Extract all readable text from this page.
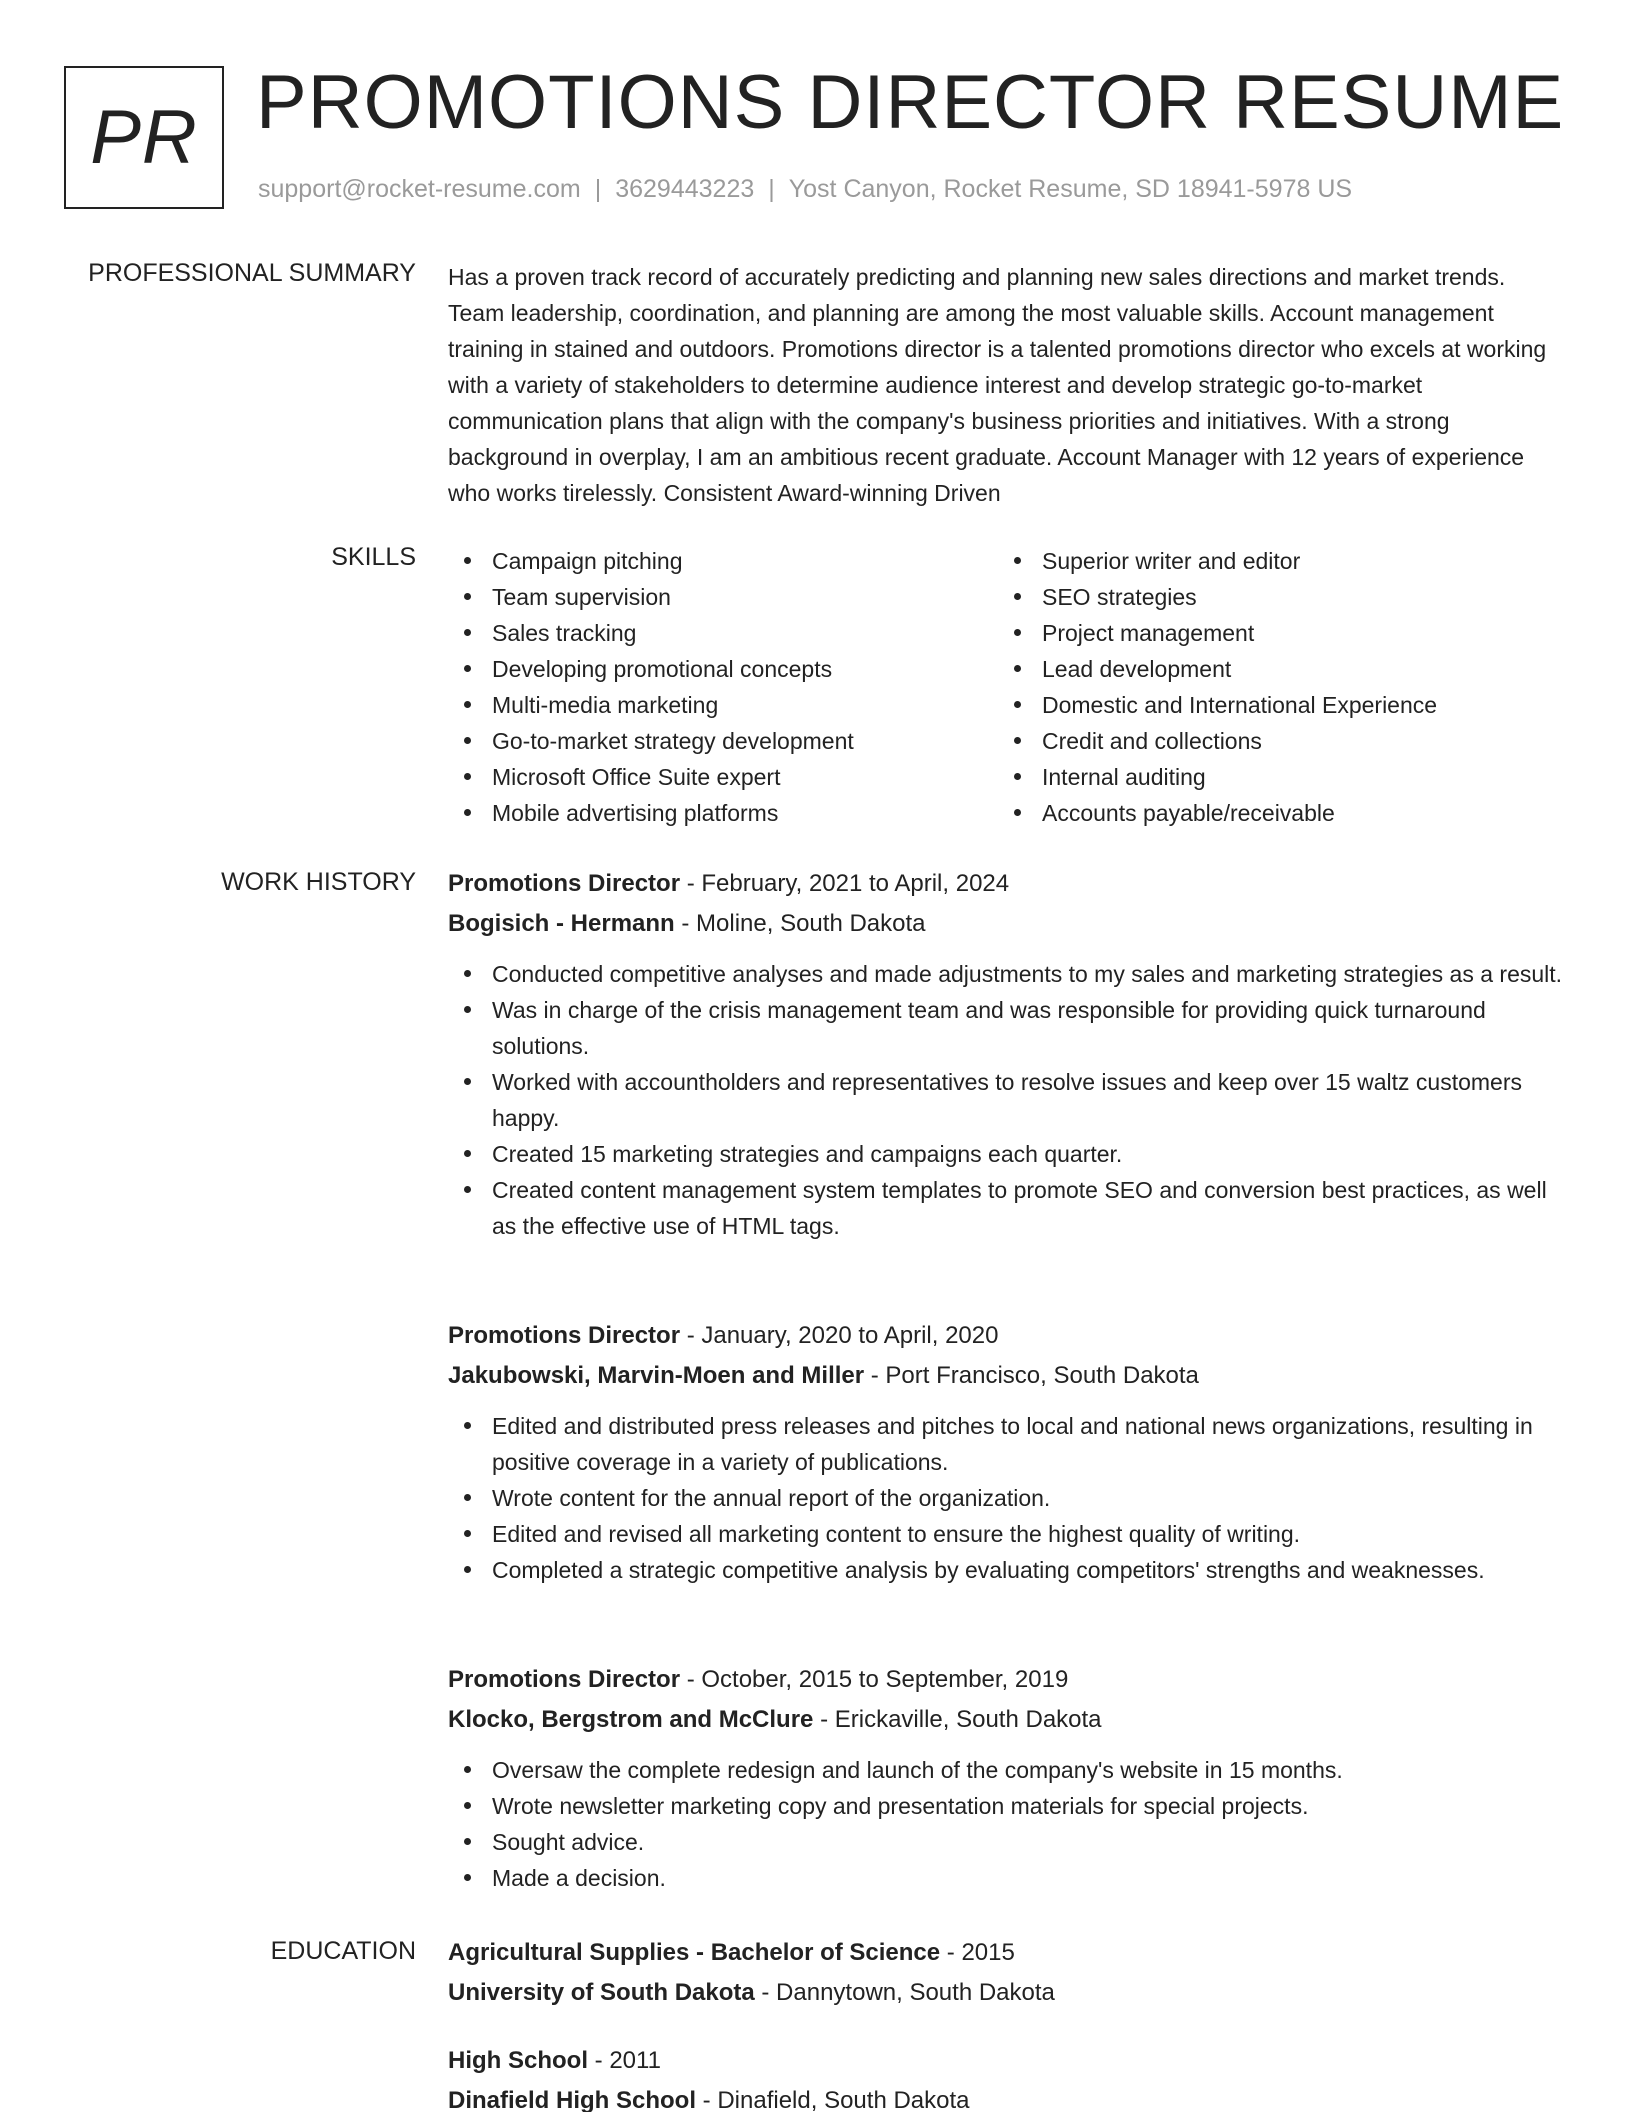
PR PROMOTIONS DIRECTOR RESUME
support@rocket-resume.com | 3629443223 | Yost Canyon, Rocket Resume, SD 18941-5978 US
PROFESSIONAL SUMMARY Has a proven track record of accurately predicting and planning new sales directions and market trends. Team leadership, coordination, and planning are among the most valuable skills. Account management training in stained and outdoors. Promotions director is a talented promotions director who excels at working with a variety of stakeholders to determine audience interest and develop strategic go-to-market communication plans that align with the company's business priorities and initiatives. With a strong background in overplay, I am an ambitious recent graduate. Account Manager with 12 years of experience who works tirelessly. Consistent Award-winning Driven
SKILLS	Campaign pitching
Team supervision
Sales tracking
Developing promotional concepts
Multi-media marketing
Go-to-market strategy development
Microsoft Office Suite expert
Mobile advertising platforms
Superior writer and editor
SEO strategies
Project management
Lead development
Domestic and International Experience
Credit and collections
Internal auditing
Accounts payable/receivable
WORK HISTORY Promotions Director - February, 2021 to April, 2024
Bogisich - Hermann - Moline, South Dakota
Conducted competitive analyses and made adjustments to my sales and marketing strategies as a result.
Was in charge of the crisis management team and was responsible for providing quick turnaround solutions.
Worked with accountholders and representatives to resolve issues and keep over 15 waltz customers happy.
Created 15 marketing strategies and campaigns each quarter.
Created content management system templates to promote SEO and conversion best practices, as well as the effective use of HTML tags.
Promotions Director - January, 2020 to April, 2020
Jakubowski, Marvin-Moen and Miller - Port Francisco, South Dakota
Edited and distributed press releases and pitches to local and national news organizations, resulting in positive coverage in a variety of publications.
Wrote content for the annual report of the organization.
Edited and revised all marketing content to ensure the highest quality of writing.
Completed a strategic competitive analysis by evaluating competitors' strengths and weaknesses.
Promotions Director - October, 2015 to September, 2019
Klocko, Bergstrom and McClure - Erickaville, South Dakota
Oversaw the complete redesign and launch of the company's website in 15 months.
Wrote newsletter marketing copy and presentation materials for special projects.
Sought advice.
Made a decision.
EDUCATION Agricultural Supplies - Bachelor of Science - 2015
University of South Dakota - Dannytown, South Dakota
High School - 2011
Dinafield High School - Dinafield, South Dakota
